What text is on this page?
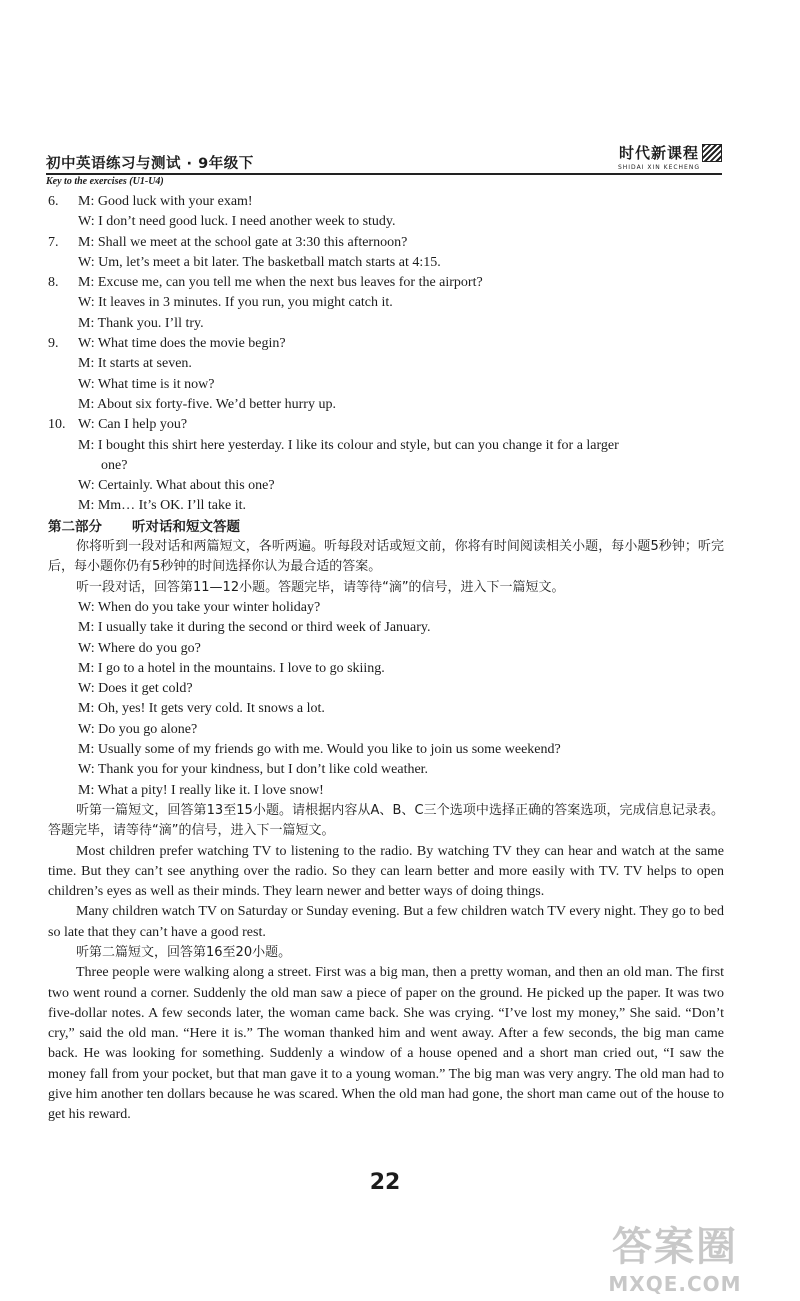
初中英语练习与测试 · 9年级下
时代新课程
SHIDAI XIN KECHENG
Key to the exercises (U1-U4)
6. M: Good luck with your exam!
W: I don’t need good luck. I need another week to study.
7. M: Shall we meet at the school gate at 3:30 this afternoon?
W: Um, let’s meet a bit later. The basketball match starts at 4:15.
8. M: Excuse me, can you tell me when the next bus leaves for the airport?
W: It leaves in 3 minutes. If you run, you might catch it.
M: Thank you. I’ll try.
9. W: What time does the movie begin?
M: It starts at seven.
W: What time is it now?
M: About six forty-five. We’d better hurry up.
10. W: Can I help you?
M: I bought this shirt here yesterday. I like its colour and style, but can you change it for a larger
one?
W: Certainly. What about this one?
M: Mm… It’s OK. I’ll take it.
第二部分 听对话和短文答题
你将听到一段对话和两篇短文，各听两遍。听每段对话或短文前，你将有时间阅读相关小题，每小题5秒钟；听完后，每小题你仍有5秒钟的时间选择你认为最合适的答案。
听一段对话，回答第11—12小题。答题完毕，请等待“滴”的信号，进入下一篇短文。
W: When do you take your winter holiday?
M: I usually take it during the second or third week of January.
W: Where do you go?
M: I go to a hotel in the mountains. I love to go skiing.
W: Does it get cold?
M: Oh, yes! It gets very cold. It snows a lot.
W: Do you go alone?
M: Usually some of my friends go with me. Would you like to join us some weekend?
W: Thank you for your kindness, but I don’t like cold weather.
M: What a pity! I really like it. I love snow!
听第一篇短文，回答第13至15小题。请根据内容从A、B、C三个选项中选择正确的答案选项，完成信息记录表。答题完毕，请等待“滴”的信号，进入下一篇短文。
Most children prefer watching TV to listening to the radio. By watching TV they can hear and watch at the same time. But they can’t see anything over the radio. So they can learn better and more easily with TV. TV helps to open children’s eyes as well as their minds. They learn newer and better ways of doing things.
Many children watch TV on Saturday or Sunday evening. But a few children watch TV every night. They go to bed so late that they can’t have a good rest.
听第二篇短文，回答第16至20小题。
Three people were walking along a street. First was a big man, then a pretty woman, and then an old man. The first two went round a corner. Suddenly the old man saw a piece of paper on the ground. He picked up the paper. It was two five-dollar notes. A few seconds later, the woman came back. She was crying. “I’ve lost my money,” She said. “Don’t cry,” said the old man. “Here it is.” The woman thanked him and went away. After a few seconds, the big man came back. He was looking for something. Suddenly a window of a house opened and a short man cried out, “I saw the money fall from your pocket, but that man gave it to a young woman.” The big man was very angry. The old man had to give him another ten dollars because he was scared. When the old man had gone, the short man came out of the house to get his reward.
22
答案圈
MXQE.COM
